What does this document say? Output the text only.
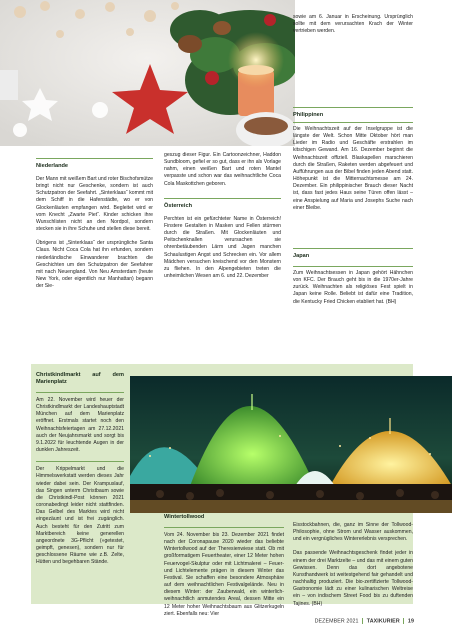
Niederlande

Der Mann mit weißem Bart und roter Bischofsmütze bringt nicht nur Geschenke, sondern ist auch Schutzpatron der Seefahrt. „Sinterklaas“ kommt mit dem Schiff in die Hafenstädte, wo er von Glockenläuten empfangen wird. Begleitet wird er vom Knecht „Zwarte Piet“. Kinder schicken ihre Wunschlisten nicht an den Nordpol, sondern stecken sie in ihre Schuhe und stellen diese bereit.

Übrigens ist „Sinterklaas“ der ursprüngliche Santa Claus. Nicht Coca Cola hat ihn erfunden, sondern niederländische Einwanderer brachten die Geschichten um den Schutzpatron der Seefahrer mit nach Neuengland. Von Neu Amsterdam (heute New York, oder eigentlich nur Manhattan) begann der Sie-

geszug dieser Figur. Ein Cartoonzeichner, Haddon Sundbloom, gefiel er so gut, dass er ihn als Vorlage nahm, einen weißen Bart und roten Mantel verpasste und schon war das weihnachtliche Coca Cola Maskottchen geboren.

Österreich

Perchten ist ein gefürchteter Name in Österreich! Finstere Gestalten in Masken und Fellen stürmen durch die Straßen. Mit Glockenläuten und Peitschenknallen verursachen sie ohrenbetäubenden Lärm und Jagen manchen Schaulustigen Angst und Schrecken ein. Vor allem Mädchen versuchen kreischend vor den Monstern zu fliehen. In den Alpengebieten treten die unheimlichen Wesen am 6. und 22. Dezember

sowie am 6. Januar in Erscheinung. Ursprünglich sollte mit dem verursachten Krach der Winter vertrieben werden.

Philippinen

Die Weihnachtszeit auf der Inselgruppe ist die längste der Welt. Schon Mitte Oktober hört man Lieder im Radio und Geschäfte erstrahlen im kitschigen Gewand. Am 16. Dezember beginnt die Weihnachtszeit offiziell. Blaskapellen marschieren durch die Straßen, Raketen werden abgefeuert und Aufführungen aus der Bibel finden jeden Abend statt. Höhepunkt ist die Mitternachtsmesse am 24. Dezember. Ein philippinischer Brauch dieser Nacht ist, dass fast jedes Haus seine Türen offen lässt – eine Anspielung auf Maria und Josephs Suche nach einer Bleibe.

Japan

Zum Weihnachtsessen in Japan gehört Hähnchen von KFC. Der Brauch geht bis in die 1970er-Jahre zurück. Weihnachten als religiöses Fest spielt in Japan keine Rolle. Beliebt ist dafür eine Tradition, die Kentucky Fried Chicken etabliert hat. (BH)

Christkindlmarkt auf dem Marienplatz

Am 22. November wird heuer der Christkindlmarkt der Landeshauptstadt München auf dem Marienplatz eröffnet. Erstmals startet noch den Weihnachtsfeiertagen am 27.12.2021 auch der Neujahrsmarkt und sorgt bis 9.1.2022 für leuchtende Augen in der dunklen Jahreszeit.

Der Krippelmarkt und die Himmelswerkstatt werden dieses Jahr wieder dabei sein. Der Krampuslauf, das Singen unterm Christbaum sowie die Christkindl-Post können 2021 coronabedingt leider nicht stattfinden. Das Gelbel des Marktes wird nicht eingezäunt und ist frei zugänglich. Auch besteht für den Zutritt zum Marktbereich keine generellen angeordnete 3G-Pflicht (»getestet, geimpft, genesen), sondern nur für geschlossene Räume wie z.B. Zelte, Hütten und begehbaren Stände.

Wintertollwood

Vom 24. November bis 23. Dezember 2021 findet nach der Coronapause 2020 wieder das beliebte Wintertollwood auf der Theresienwiese statt. Ob mit großformatigem Feuertheater, einer 12 Meter hohen Feuervogel-Skulptur oder mit Lichtmalerei – Feuer- und Lichtelemente prägen in diesem Winter das Festival. Sie schaffen eine besondere Atmosphäre auf dem weihnachtlichen Festivalgelände. Neu in diesem Winter: der Zauberwald, ein winterlich-weihnachtlich anmutendes Areal, dessen Mitte ein 12 Meter hoher Weihnachtsbaum aus Glitzerkugeln ziert. Ebenfalls neu: Vier

Eisstockbahnen, die, ganz im Sinne der Tollwood-Philosophie, ohne Strom und Wasser auskommen, und ein vergnügliches Wintererlebnis versprechen.

Das passende Weihnachtsgeschenk findet jeder in einem der drei Marktzelte – und das mit einem guten Gewissen. Denn das dort angebotene Kunsthandwerk ist weitestgehend fair gehandelt und nachhaltig produziert. Die bio-zertifizierte Tollwood-Gastronomie lädt zu einer kulinarischen Weltreise ein – von indischem Street Food bis zu duftenden Tajines. (BH)

DEZEMBER 2021 TAXIKURIER 19
